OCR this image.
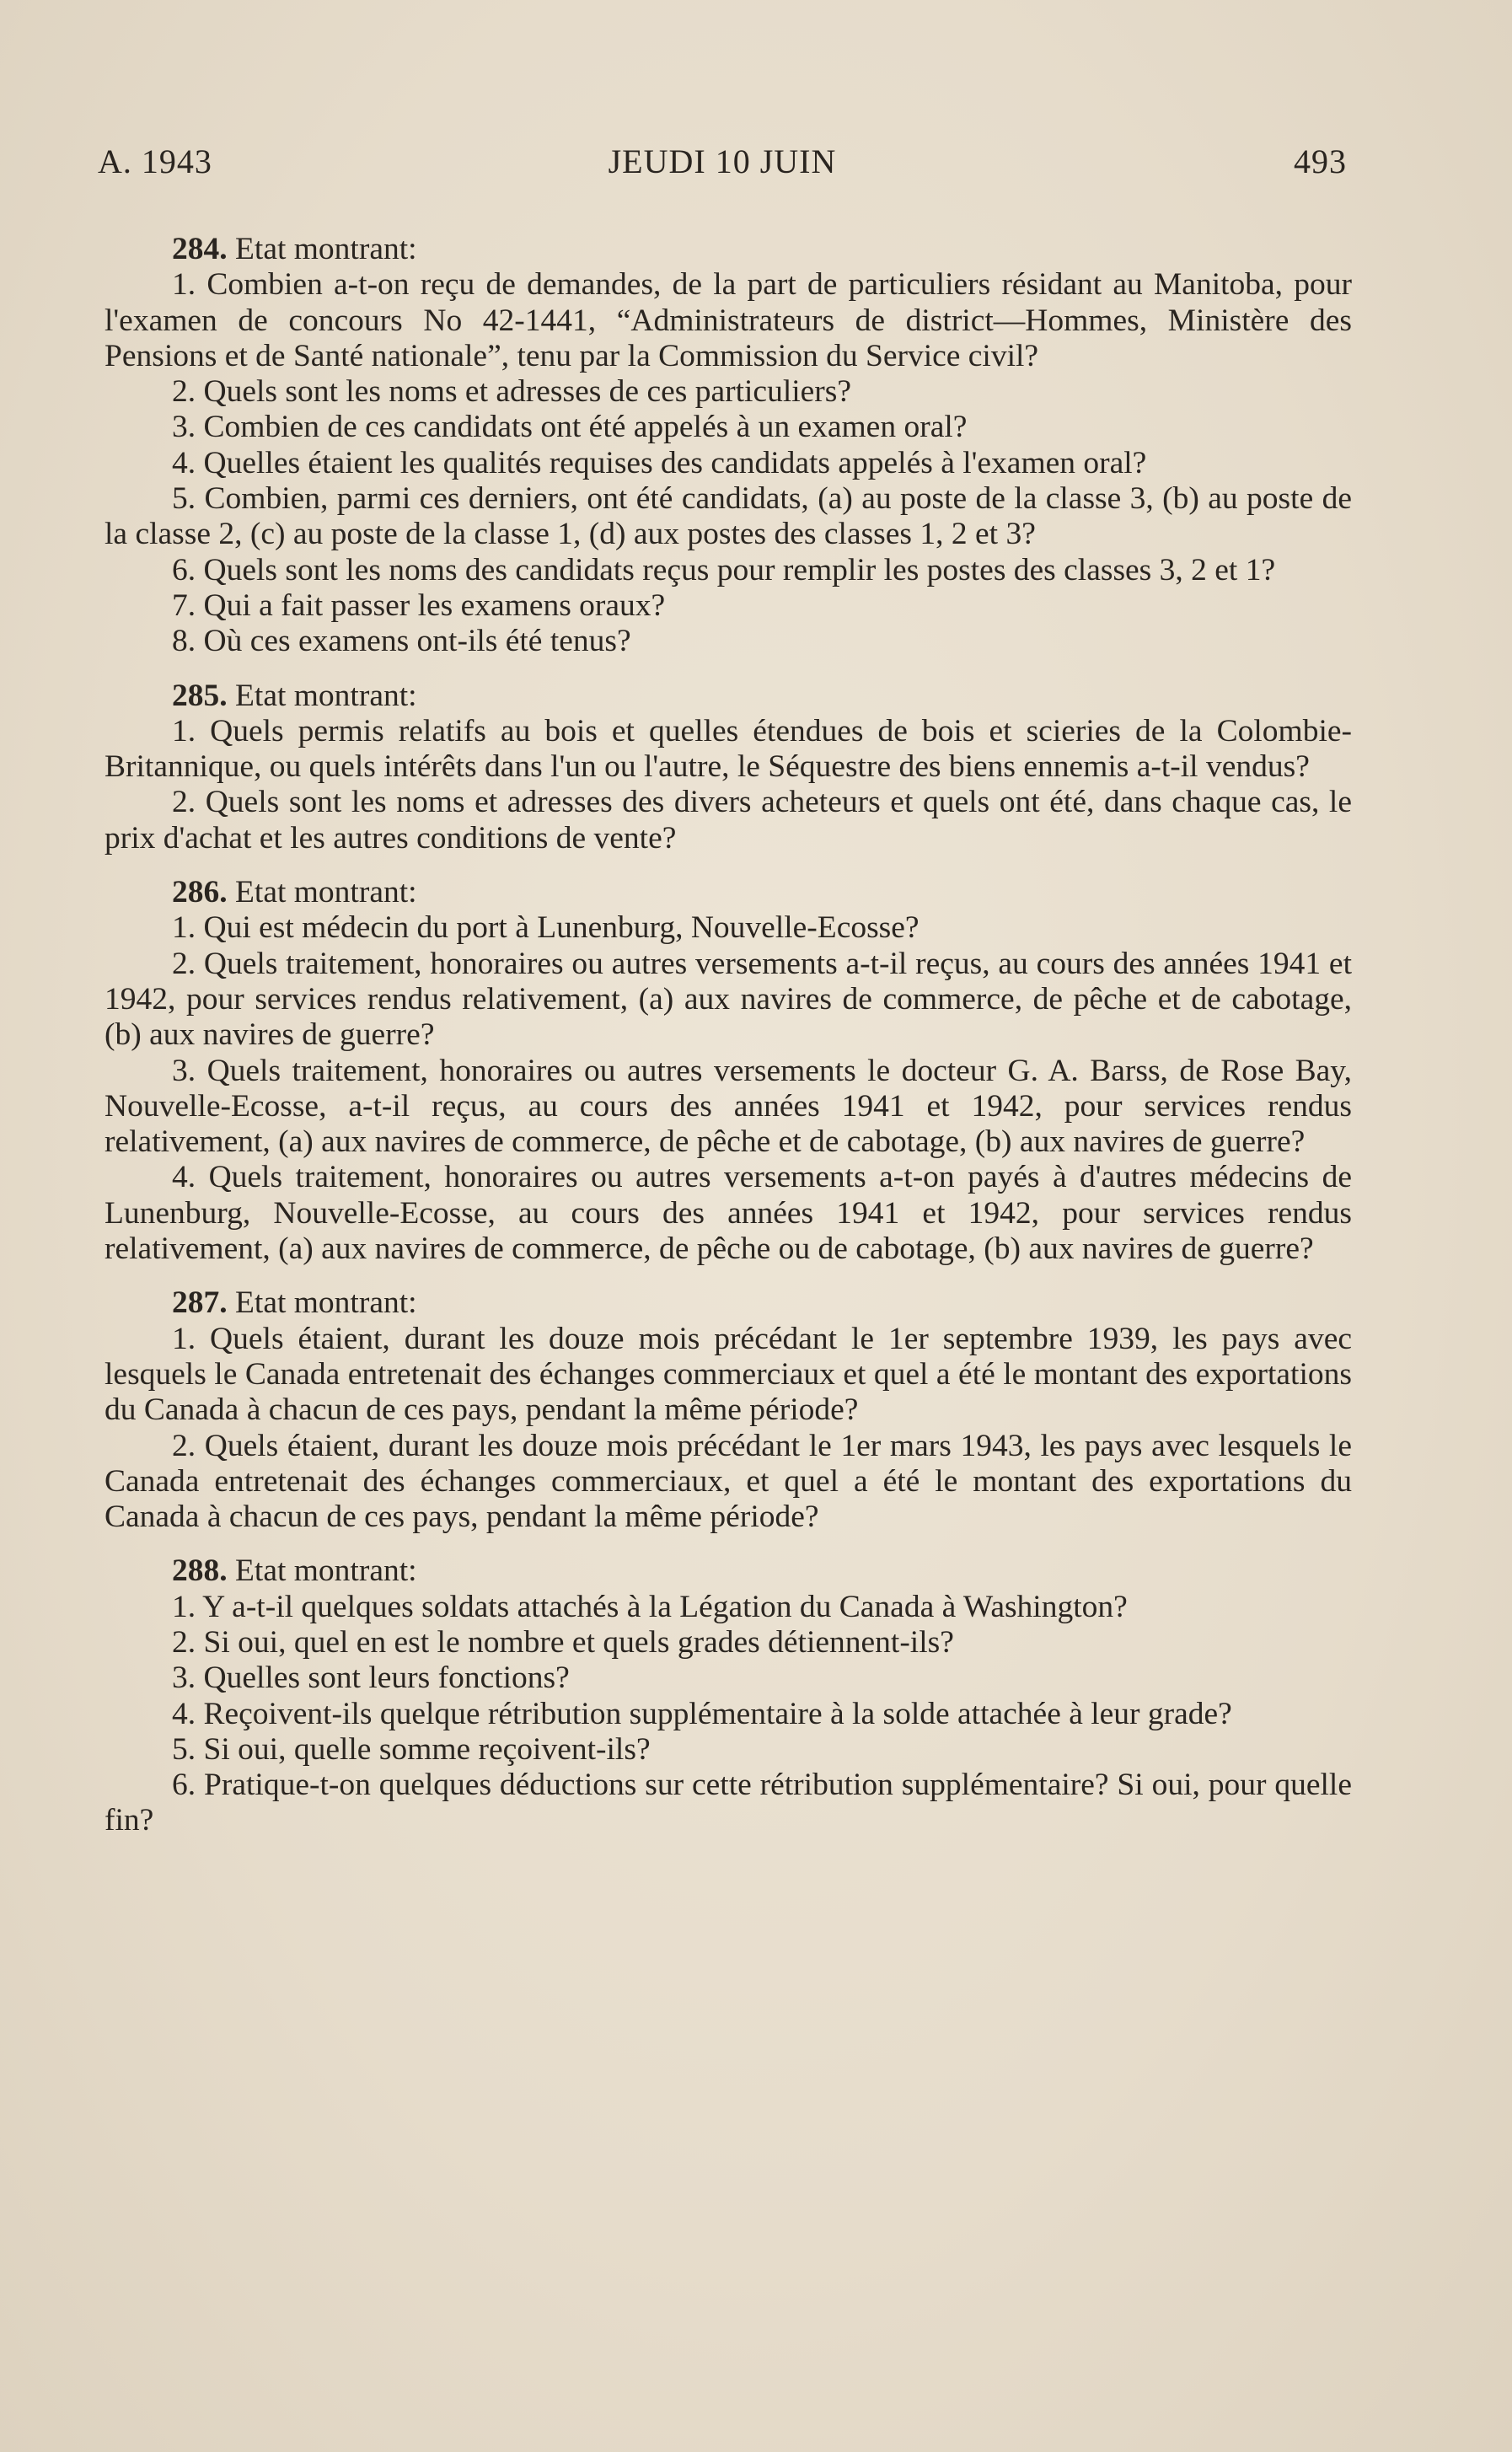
A. 1943	JEUDI 10 JUIN	493

284. Etat montrant:

1. Combien a-t-on reçu de demandes, de la part de particuliers résidant au Manitoba, pour l'examen de concours No 42-1441, “Administrateurs de district—Hommes, Ministère des Pensions et de Santé nationale”, tenu par la Commission du Service civil?

2. Quels sont les noms et adresses de ces particuliers?

3. Combien de ces candidats ont été appelés à un examen oral?

4. Quelles étaient les qualités requises des candidats appelés à l'examen oral?

5. Combien, parmi ces derniers, ont été candidats, (a) au poste de la classe 3, (b) au poste de la classe 2, (c) au poste de la classe 1, (d) aux postes des classes 1, 2 et 3?

6. Quels sont les noms des candidats reçus pour remplir les postes des classes 3, 2 et 1?

7. Qui a fait passer les examens oraux?

8. Où ces examens ont-ils été tenus?

285. Etat montrant:

1. Quels permis relatifs au bois et quelles étendues de bois et scieries de la Colombie-Britannique, ou quels intérêts dans l'un ou l'autre, le Séquestre des biens ennemis a-t-il vendus?

2. Quels sont les noms et adresses des divers acheteurs et quels ont été, dans chaque cas, le prix d'achat et les autres conditions de vente?

286. Etat montrant:

1. Qui est médecin du port à Lunenburg, Nouvelle-Ecosse?

2. Quels traitement, honoraires ou autres versements a-t-il reçus, au cours des années 1941 et 1942, pour services rendus relativement, (a) aux navires de commerce, de pêche et de cabotage, (b) aux navires de guerre?

3. Quels traitement, honoraires ou autres versements le docteur G. A. Barss, de Rose Bay, Nouvelle-Ecosse, a-t-il reçus, au cours des années 1941 et 1942, pour services rendus relativement, (a) aux navires de commerce, de pêche et de cabotage, (b) aux navires de guerre?

4. Quels traitement, honoraires ou autres versements a-t-on payés à d'autres médecins de Lunenburg, Nouvelle-Ecosse, au cours des années 1941 et 1942, pour services rendus relativement, (a) aux navires de commerce, de pêche ou de cabotage, (b) aux navires de guerre?

287. Etat montrant:

1. Quels étaient, durant les douze mois précédant le 1er septembre 1939, les pays avec lesquels le Canada entretenait des échanges commerciaux et quel a été le montant des exportations du Canada à chacun de ces pays, pendant la même période?

2. Quels étaient, durant les douze mois précédant le 1er mars 1943, les pays avec lesquels le Canada entretenait des échanges commerciaux, et quel a été le montant des exportations du Canada à chacun de ces pays, pendant la même période?

288. Etat montrant:

1. Y a-t-il quelques soldats attachés à la Légation du Canada à Washington?

2. Si oui, quel en est le nombre et quels grades détiennent-ils?

3. Quelles sont leurs fonctions?

4. Reçoivent-ils quelque rétribution supplémentaire à la solde attachée à leur grade?

5. Si oui, quelle somme reçoivent-ils?

6. Pratique-t-on quelques déductions sur cette rétribution supplémentaire? Si oui, pour quelle fin?
